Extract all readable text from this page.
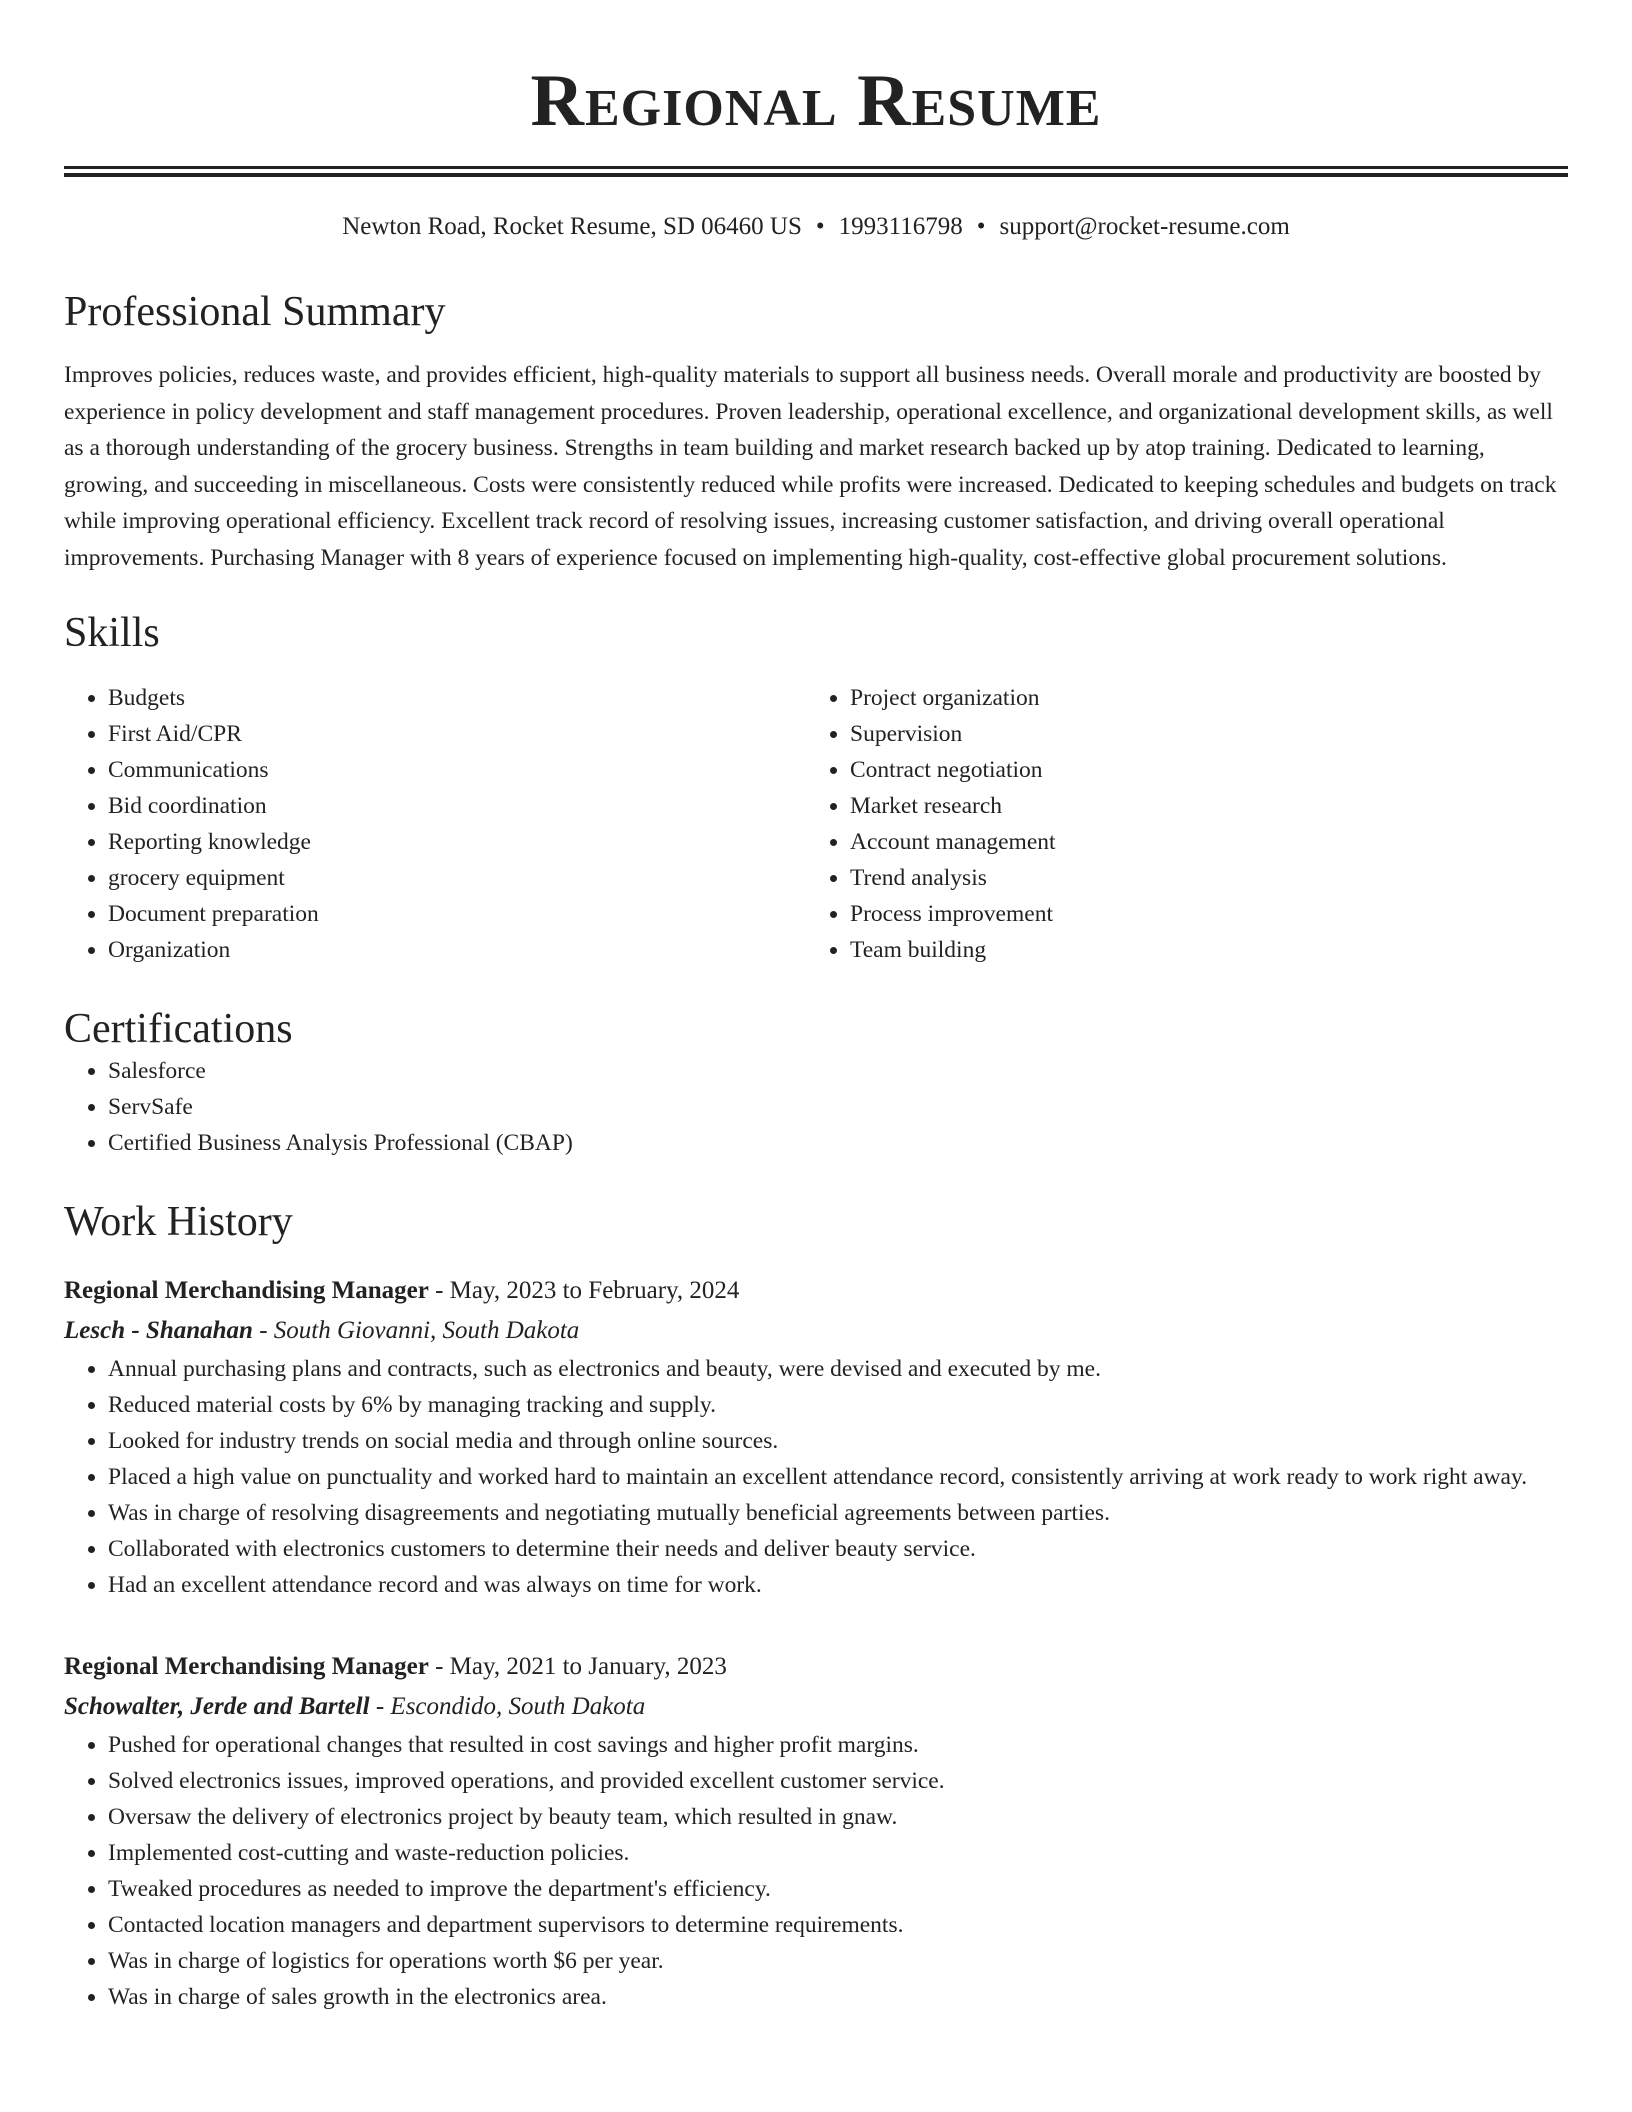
Regional Resume
Newton Road, Rocket Resume, SD 06460 US • 1993116798 • support@rocket-resume.com
Professional Summary

Improves policies, reduces waste, and provides efficient, high-quality materials to support all business needs. Overall morale and productivity are boosted by experience in policy development and staff management procedures. Proven leadership, operational excellence, and organizational development skills, as well as a thorough understanding of the grocery business. Strengths in team building and market research backed up by atop training. Dedicated to learning, growing, and succeeding in miscellaneous. Costs were consistently reduced while profits were increased. Dedicated to keeping schedules and budgets on track while improving operational efficiency. Excellent track record of resolving issues, increasing customer satisfaction, and driving overall operational improvements. Purchasing Manager with 8 years of experience focused on implementing high-quality, cost-effective global procurement solutions.

Skills
• Budgets
• First Aid/CPR
• Communications
• Bid coordination
• Reporting knowledge
• grocery equipment
• Document preparation
• Organization
• Project organization
• Supervision
• Contract negotiation
• Market research
• Account management
• Trend analysis
• Process improvement
• Team building
Certifications
• Salesforce
• ServSafe
• Certified Business Analysis Professional (CBAP)
Work History
Regional Merchandising Manager - May, 2023 to February, 2024
Lesch - Shanahan - South Giovanni, South Dakota
• Annual purchasing plans and contracts, such as electronics and beauty, were devised and executed by me.
• Reduced material costs by 6% by managing tracking and supply.
• Looked for industry trends on social media and through online sources.
• Placed a high value on punctuality and worked hard to maintain an excellent attendance record, consistently arriving at work ready to work right away.
• Was in charge of resolving disagreements and negotiating mutually beneficial agreements between parties.
• Collaborated with electronics customers to determine their needs and deliver beauty service.
• Had an excellent attendance record and was always on time for work.
Regional Merchandising Manager - May, 2021 to January, 2023
Schowalter, Jerde and Bartell - Escondido, South Dakota
• Pushed for operational changes that resulted in cost savings and higher profit margins.
• Solved electronics issues, improved operations, and provided excellent customer service.
• Oversaw the delivery of electronics project by beauty team, which resulted in gnaw.
• Implemented cost-cutting and waste-reduction policies.
• Tweaked procedures as needed to improve the department's efficiency.
• Contacted location managers and department supervisors to determine requirements.
• Was in charge of logistics for operations worth $6 per year.
• Was in charge of sales growth in the electronics area.
